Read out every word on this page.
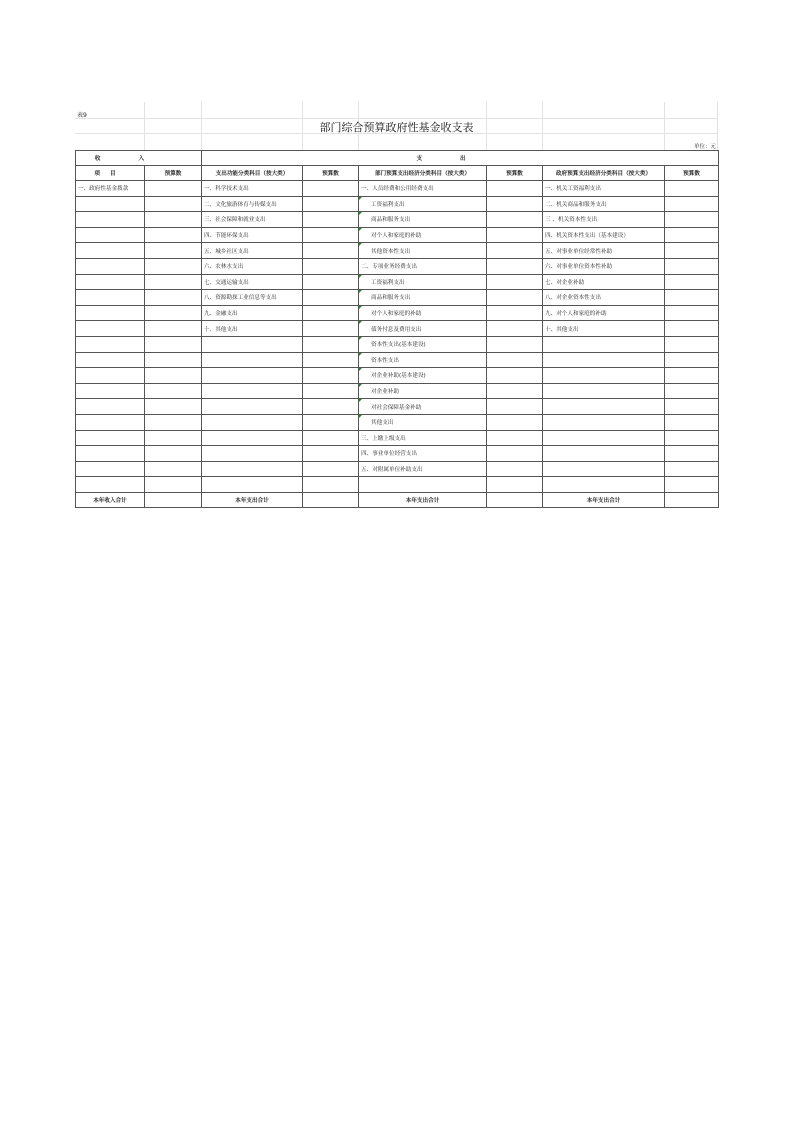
表9
部门综合预算政府性基金收支表
单位：元
收入		支出					
项目	预算数	支出功能分类科目（按大类）	预算数	部门预算支出经济分类科目（按大类）	预算数	政府预算支出经济分类科目（按大类）	预算数
一、政府性基金拨款		一、科学技术支出		一、人员经费和公用经费支出		一、机关工资福利支出	
		二、文化旅游体育与传媒支出		工资福利支出		二、机关商品和服务支出	
		三、社会保障和就业支出		商品和服务支出		三 、机关资本性支出	
		四、节能环保支出		对个人和家庭的补助		四、机关资本性支出（基本建设）	
		五、城乡社区支出		其他资本性支出		五、对事业单位经常性补助	
		六、农林水支出		二、专项业务经费支出		六、对事业单位资本性补助	
		七、交通运输支出		工资福利支出		七、对企业补助	
		八、资源勘探工业信息等支出		商品和服务支出		八、对企业资本性支出	
		九、金融支出		对个人和家庭的补助		九、对个人和家庭的补助	
		十、其他支出		债务付息及费用支出		十、其他支出	
				资本性支出(基本建设)			
				资本性支出			
				对企业补助(基本建设)			
				对企业补助			
				对社会保障基金补助			
				其他支出			
				三、上缴上级支出			
				四、事业单位经营支出			
				五、对附属单位补助支出			

本年收入合计		本年支出合计		本年支出合计		本年支出合计	
